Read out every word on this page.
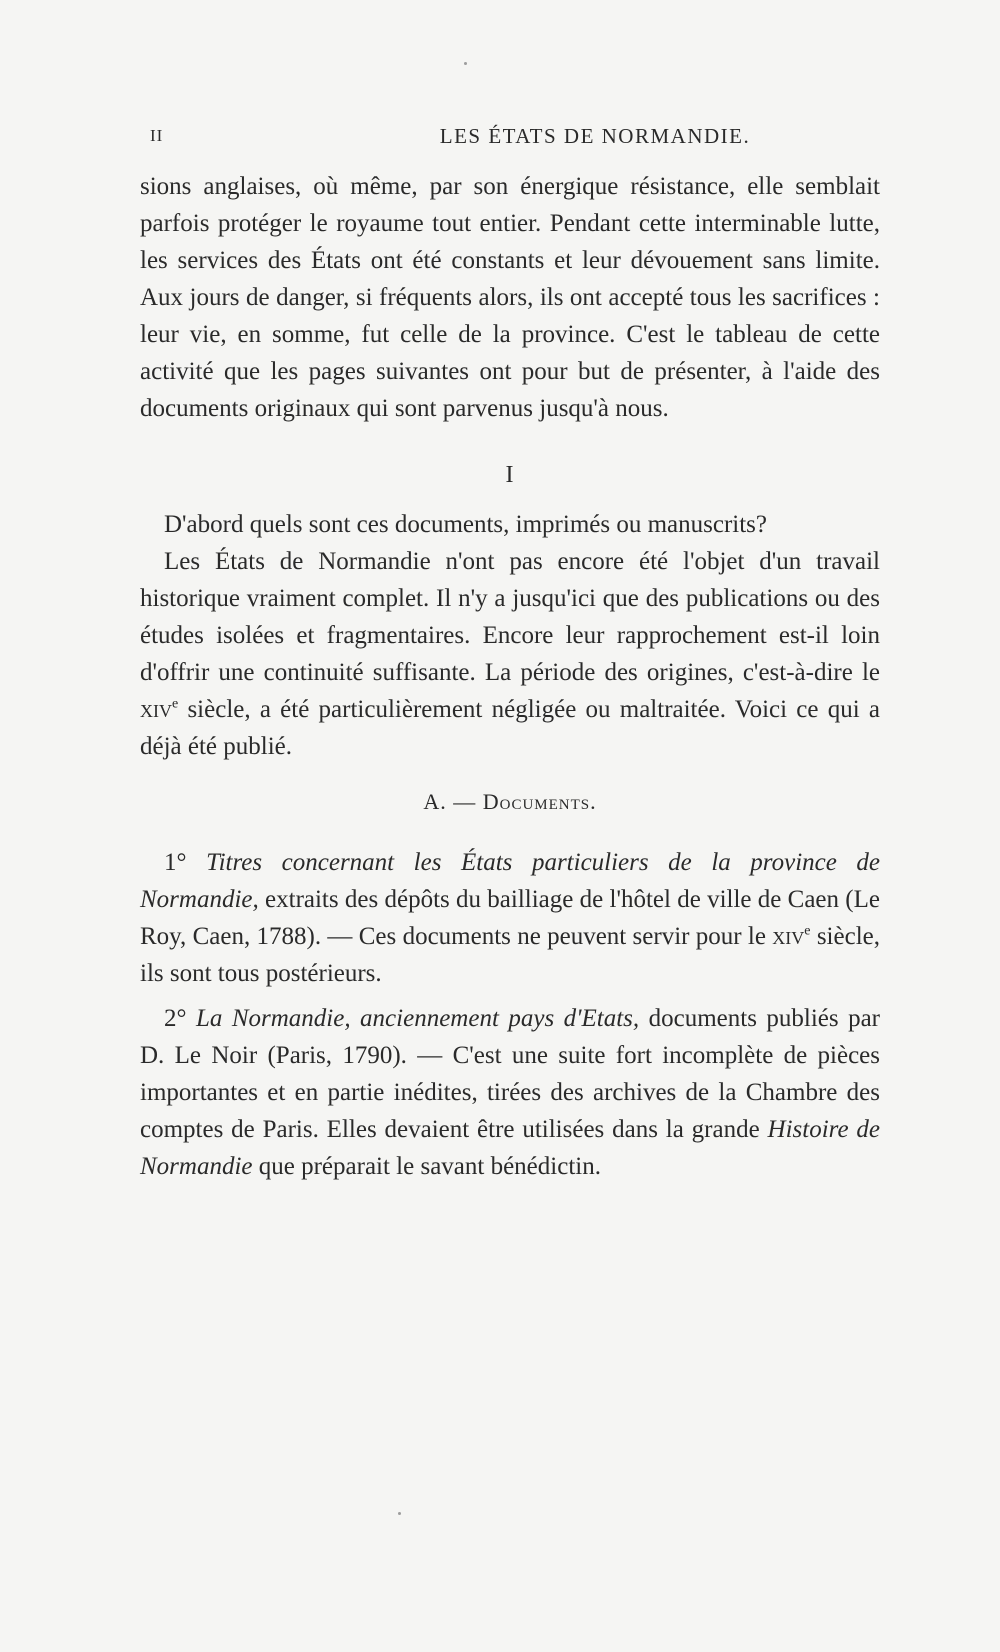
II	LES ÉTATS DE NORMANDIE.

sions anglaises, où même, par son énergique résistance, elle semblait parfois protéger le royaume tout entier. Pendant cette interminable lutte, les services des États ont été constants et leur dévouement sans limite. Aux jours de danger, si fréquents alors, ils ont accepté tous les sacrifices : leur vie, en somme, fut celle de la province. C'est le tableau de cette activité que les pages suivantes ont pour but de présenter, à l'aide des documents originaux qui sont parvenus jusqu'à nous.

I

D'abord quels sont ces documents, imprimés ou manuscrits?

Les États de Normandie n'ont pas encore été l'objet d'un travail historique vraiment complet. Il n'y a jusqu'ici que des publications ou des études isolées et fragmentaires. Encore leur rapprochement est-il loin d'offrir une continuité suffisante. La période des origines, c'est-à-dire le xiv$^e$ siècle, a été particulièrement négligée ou maltraitée. Voici ce qui a déjà été publié.

A. — Documents.

1° Titres concernant les États particuliers de la province de Normandie, extraits des dépôts du bailliage de l'hôtel de ville de Caen (Le Roy, Caen, 1788). — Ces documents ne peuvent servir pour le xiv$^e$ siècle, ils sont tous postérieurs.

2° La Normandie, anciennement pays d'Etats, documents publiés par D. Le Noir (Paris, 1790). — C'est une suite fort incomplète de pièces importantes et en partie inédites, tirées des archives de la Chambre des comptes de Paris. Elles devaient être utilisées dans la grande Histoire de Normandie que préparait le savant bénédictin.
